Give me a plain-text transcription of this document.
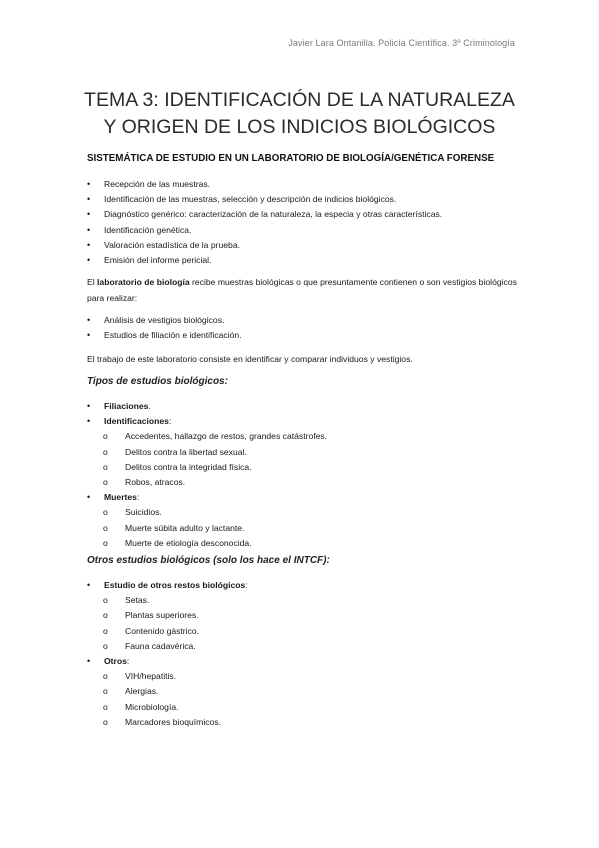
Javier Lara Ontanilla. Policía Científica. 3º Criminología
TEMA 3: IDENTIFICACIÓN DE LA NATURALEZA
Y ORIGEN DE LOS INDICIOS BIOLÓGICOS
SISTEMÁTICA DE ESTUDIO EN UN LABORATORIO DE BIOLOGÍA/GENÉTICA FORENSE
• Recepción de las muestras.
• Identificación de las muestras, selección y descripción de indicios biológicos.
• Diagnóstico genérico: caracterización de la naturaleza, la especia y otras características.
• Identificación genética.
• Valoración estadística de la prueba.
• Emisión del informe pericial.

El laboratorio de biología recibe muestras biológicas o que presuntamente contienen o son vestigios biológicos para realizar:

• Análisis de vestigios biológicos.
• Estudios de filiación e identificación.

El trabajo de este laboratorio consiste en identificar y comparar individuos y vestigios.

Tipos de estudios biológicos:
• Filiaciones.
• Identificaciones:
o Accedentes, hallazgo de restos, grandes catástrofes.
o Delitos contra la libertad sexual.
o Delitos contra la integridad física.
o Robos, atracos.
• Muertes:
o Suicidios.
o Muerte súbita adulto y lactante.
o Muerte de etiología desconocida.
Otros estudios biológicos (solo los hace el INTCF):
• Estudio de otros restos biológicos:
o Setas.
o Plantas superiores.
o Contenido gástrico.
o Fauna cadavérica.
• Otros:
o VIH/hepatitis.
o Alergias.
o Microbiología.
o Marcadores bioquímicos.
